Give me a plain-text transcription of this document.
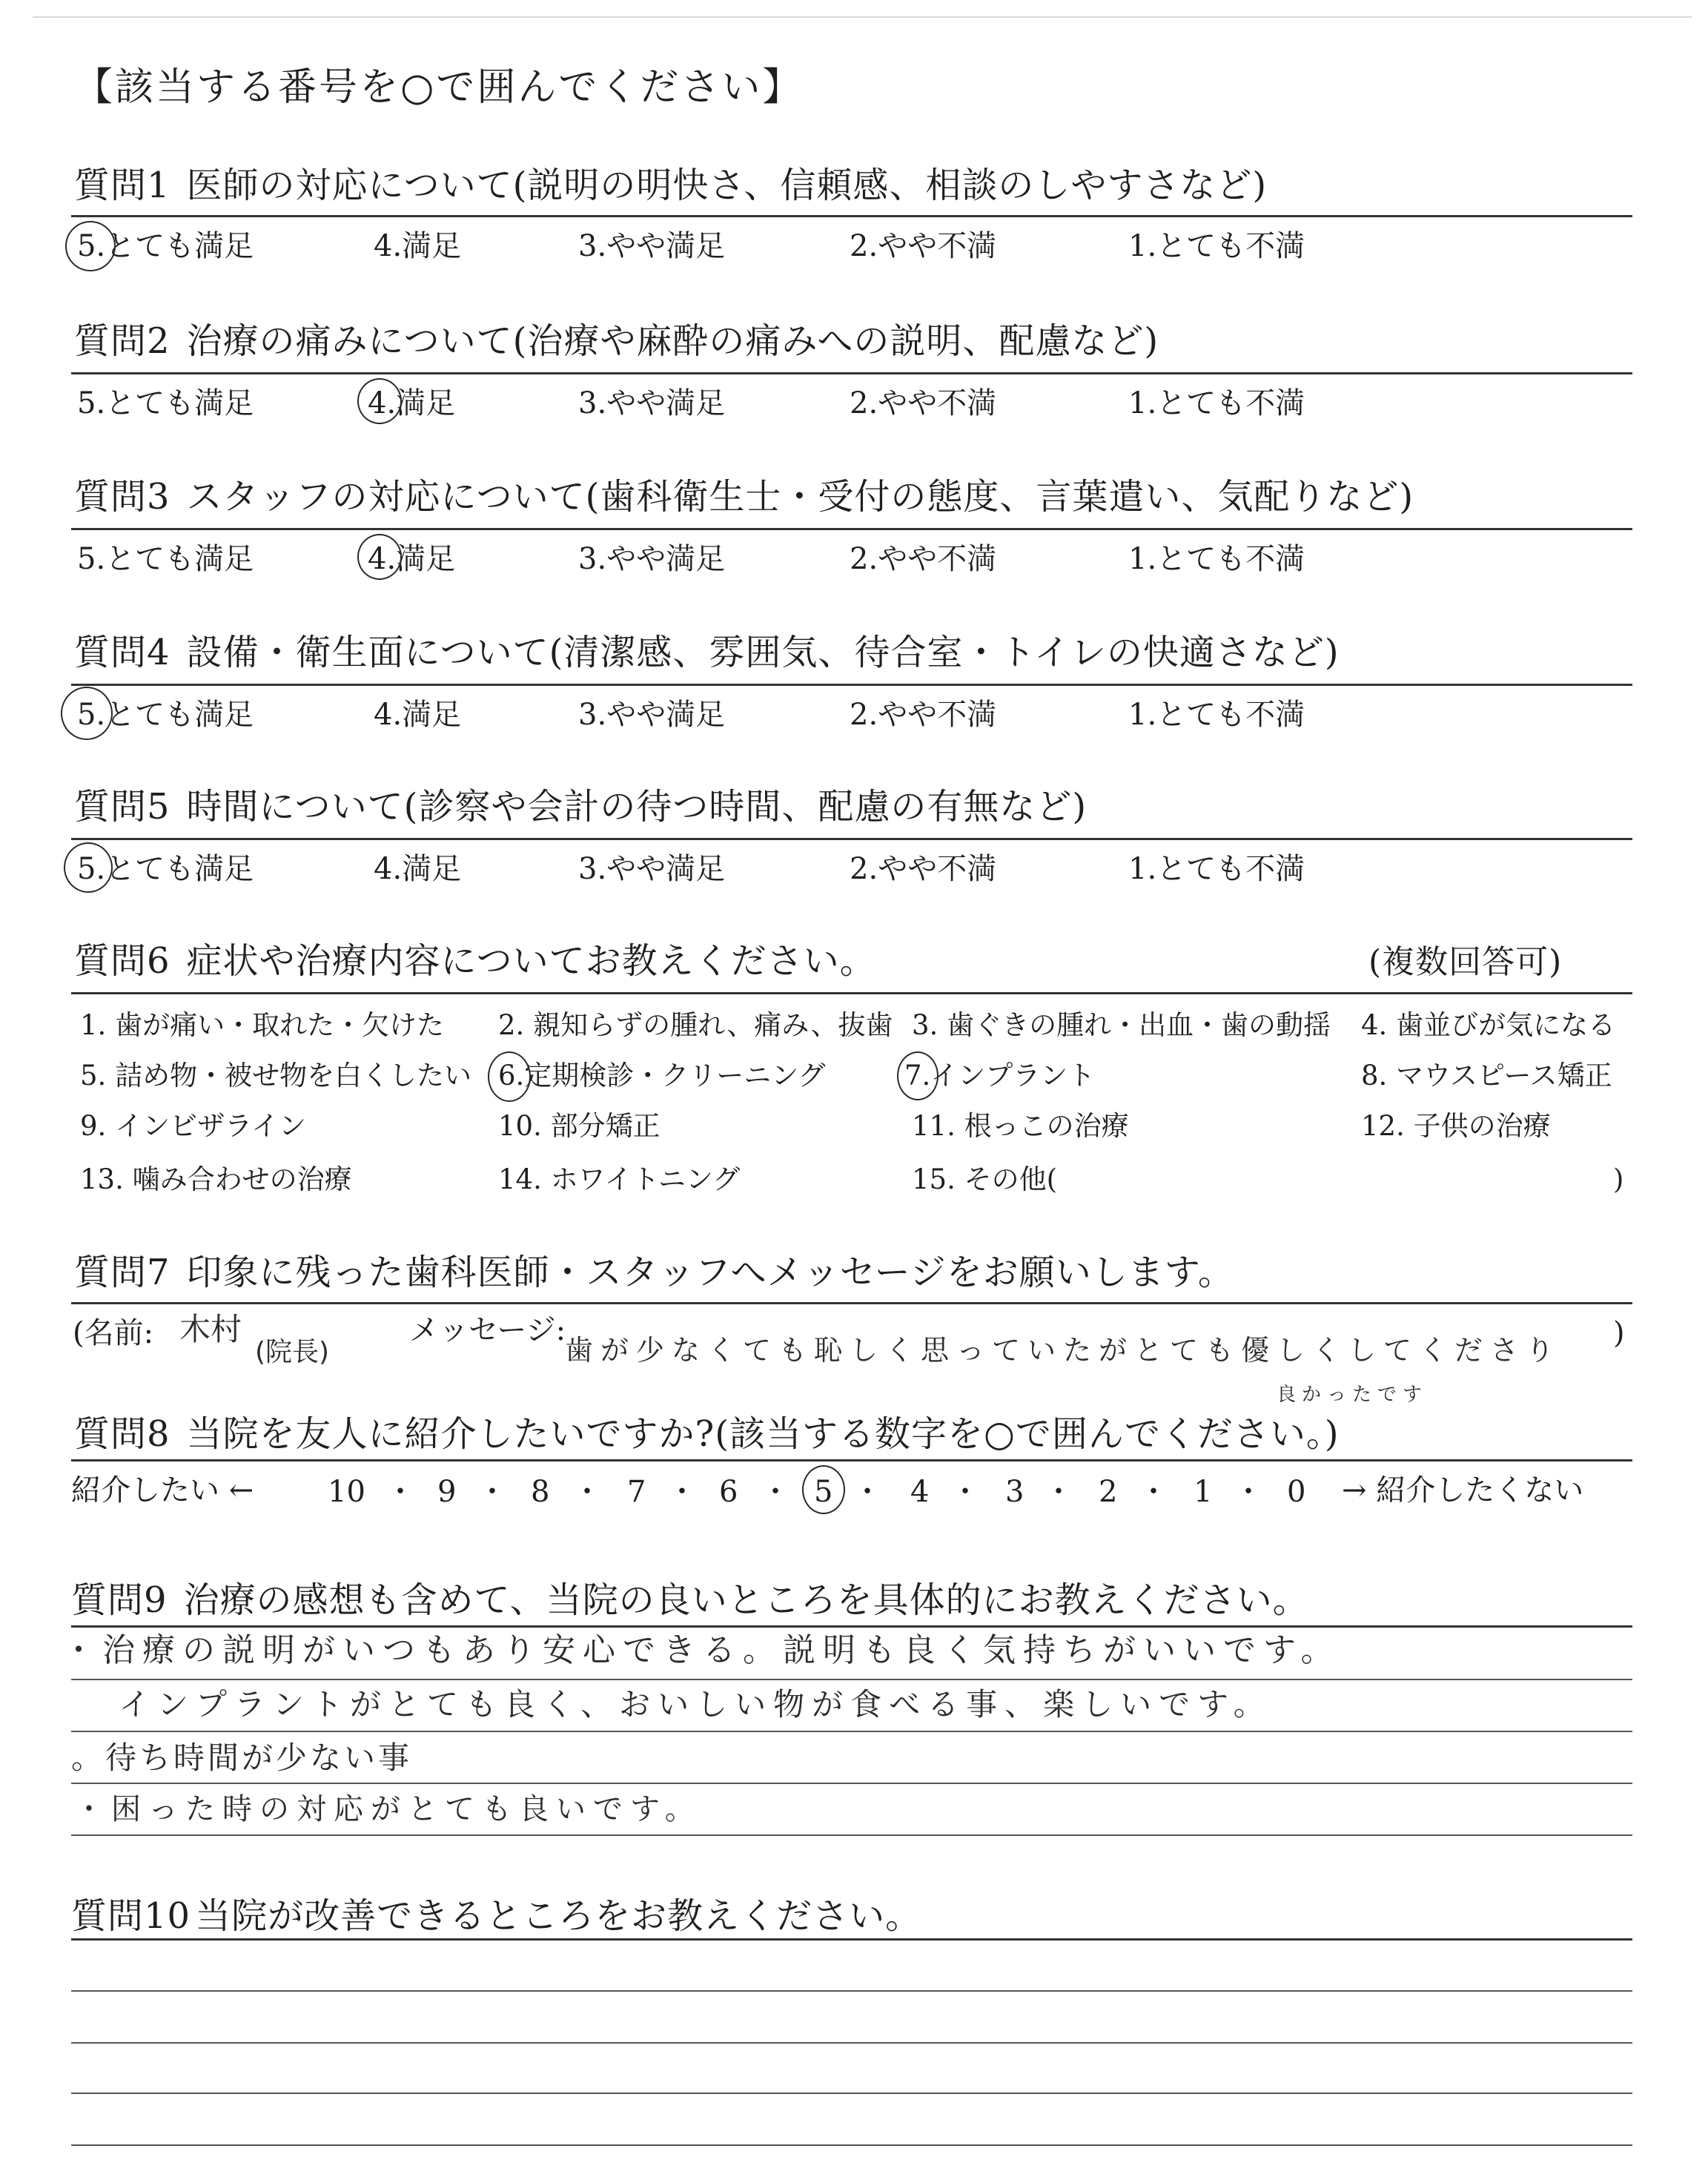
【該当する番号を○で囲んでください】
質問1 医師の対応について(説明の明快さ、信頼感、相談のしやすさなど)
5.とても満足	4.満足	3.やや満足	2.やや不満	1.とても不満
質問2 治療の痛みについて(治療や麻酔の痛みへの説明、配慮など)
5.とても満足	4.満足	3.やや満足	2.やや不満	1.とても不満
質問3 スタッフの対応について(歯科衛生士・受付の態度、言葉遣い、気配りなど)
5.とても満足	4.満足	3.やや満足	2.やや不満	1.とても不満
質問4 設備・衛生面について(清潔感、雰囲気、待合室・トイレの快適さなど)
5.とても満足	4.満足	3.やや満足	2.やや不満	1.とても不満
質問5 時間について(診察や会計の待つ時間、配慮の有無など)
5.とても満足	4.満足	3.やや満足	2.やや不満	1.とても不満
質問6 症状や治療内容についてお教えください。	(複数回答可)
1. 歯が痛い・取れた・欠けた 2. 親知らずの腫れ、痛み、抜歯 3. 歯ぐきの腫れ・出血・歯の動揺 4. 歯並びが気になる
5. 詰め物・被せ物を白くしたい 6.定期検診・クリーニング	7.インプラント	8. マウスピース矯正
9. インビザライン	10. 部分矯正	11. 根っこの治療	12. 子供の治療
13. 噛み合わせの治療	14. ホワイトニング	15. その他(	)
質問7 印象に残った歯科医師・スタッフへメッセージをお願いします。
(名前: 木村
(院長)
メッセージ:
歯が少なくても恥しく思っていたがとても優しくしてくださり
良かったです
)
質問8 当院を友人に紹介したいですか?(該当する数字を○で囲んでください。)
紹介したい ←	→ 紹介したくない
10 ・ 9 ・ 8 ・ 7 ・ 6 ・ 5 ・ 4 ・ 3 ・ 2 ・ 1 ・ 0
質問9 治療の感想も含めて、当院の良いところを具体的にお教えください。
・治療の説明がいつもあり安心できる。説明も良く気持ちがいいです。
インプラントがとても良く、おいしい物が食べる事、楽しいです。
。待ち時間が少ない事
・困った時の対応がとても良いです。
質問10 当院が改善できるところをお教えください。
